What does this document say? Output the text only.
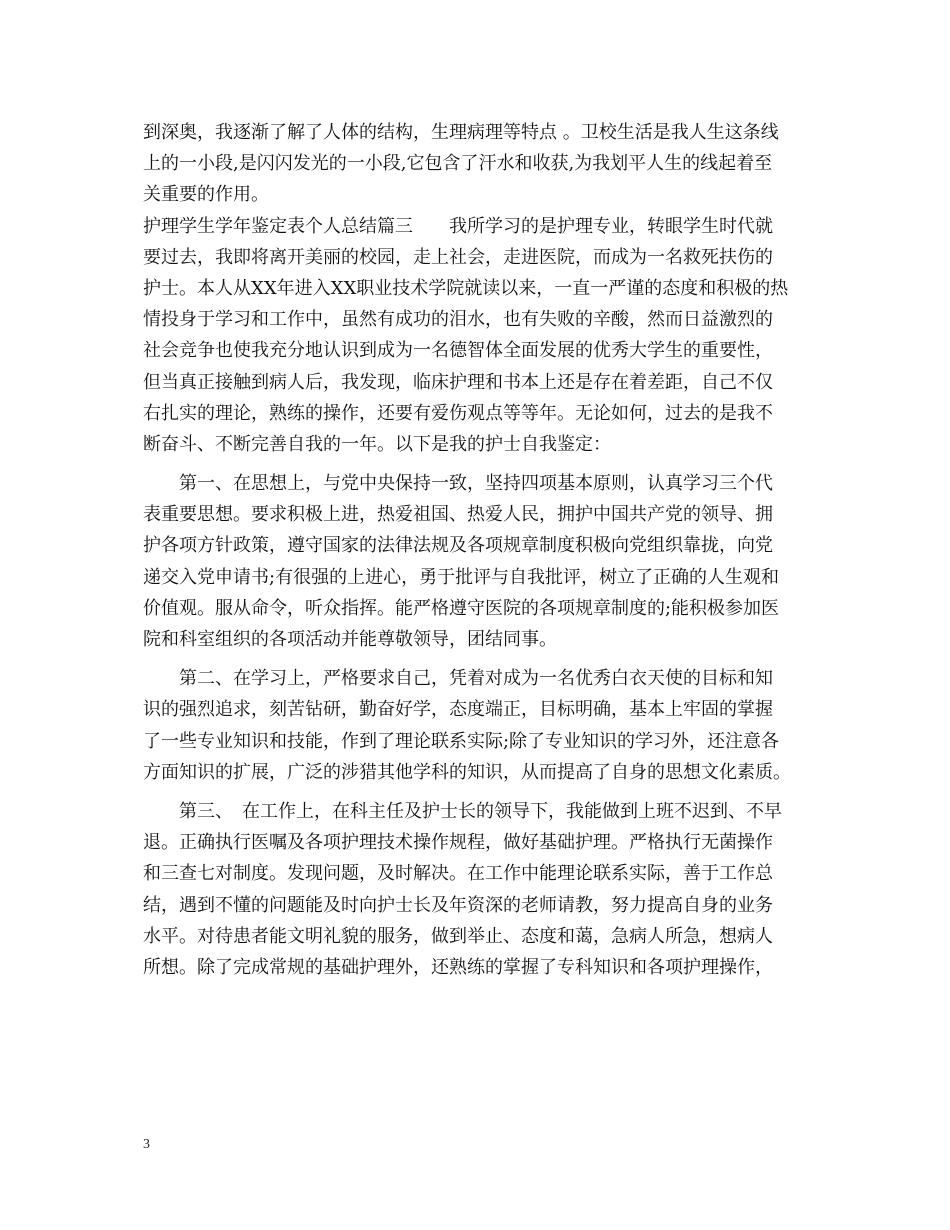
到深奥，我逐渐了解了人体的结构，生理病理等特点 。卫校生活是我人生这条线
上的一小段,是闪闪发光的一小段,它包含了汗水和收获,为我划平人生的线起着至
关重要的作用。
护理学生学年鉴定表个人总结篇三　　我所学习的是护理专业，转眼学生时代就
要过去，我即将离开美丽的校园，走上社会，走进医院，而成为一名救死扶伤的
护士。本人从XX年进入XX职业技术学院就读以来，一直一严谨的态度和积极的热
情投身于学习和工作中，虽然有成功的泪水，也有失败的辛酸，然而日益激烈的
社会竞争也使我充分地认识到成为一名德智体全面发展的优秀大学生的重要性，
但当真正接触到病人后，我发现，临床护理和书本上还是存在着差距，自己不仅
右扎实的理论，熟练的操作，还要有爱伤观点等等年。无论如何，过去的是我不
断奋斗、不断完善自我的一年。以下是我的护士自我鉴定：
第一、在思想上，与党中央保持一致，坚持四项基本原则，认真学习三个代
表重要思想。要求积极上进，热爱祖国、热爱人民，拥护中国共产党的领导、拥
护各项方针政策，遵守国家的法律法规及各项规章制度积极向党组织靠拢，向党
递交入党申请书;有很强的上进心，勇于批评与自我批评，树立了正确的人生观和
价值观。服从命令，听众指挥。能严格遵守医院的各项规章制度的;能积极参加医
院和科室组织的各项活动并能尊敬领导，团结同事。
第二、在学习上，严格要求自己，凭着对成为一名优秀白衣天使的目标和知
识的强烈追求，刻苦钻研，勤奋好学，态度端正，目标明确，基本上牢固的掌握
了一些专业知识和技能，作到了理论联系实际;除了专业知识的学习外，还注意各
方面知识的扩展，广泛的涉猎其他学科的知识，从而提高了自身的思想文化素质。
第三、　在工作上，在科主任及护士长的领导下，我能做到上班不迟到、不早
退。正确执行医嘱及各项护理技术操作规程，做好基础护理。严格执行无菌操作
和三查七对制度。发现问题，及时解决。在工作中能理论联系实际，善于工作总
结，遇到不懂的问题能及时向护士长及年资深的老师请教，努力提高自身的业务
水平。对待患者能文明礼貌的服务，做到举止、态度和蔼，急病人所急，想病人
所想。除了完成常规的基础护理外，还熟练的掌握了专科知识和各项护理操作，
3
